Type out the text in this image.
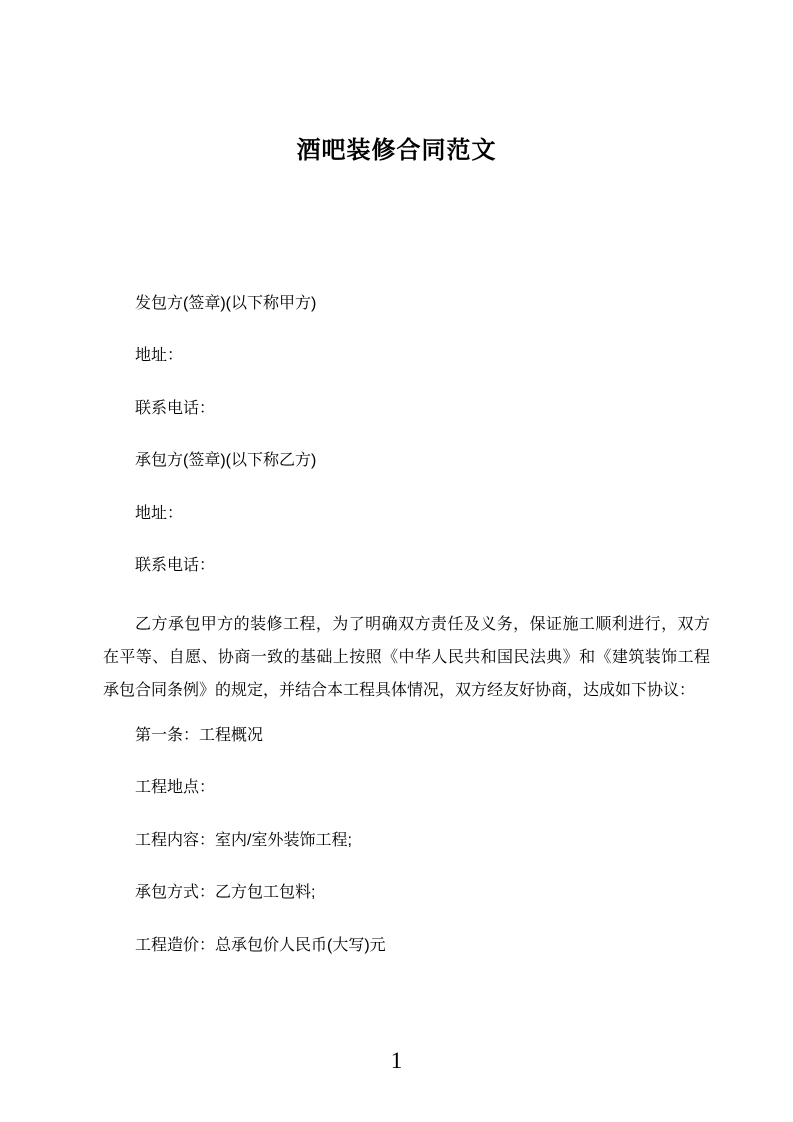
酒吧装修合同范文

发包方(签章)(以下称甲方)

地址：

联系电话：

承包方(签章)(以下称乙方)

地址：

联系电话：

乙方承包甲方的装修工程，为了明确双方责任及义务，保证施工顺利进行，双方在平等、自愿、协商一致的基础上按照《中华人民共和国民法典》和《建筑装饰工程承包合同条例》的规定，并结合本工程具体情况，双方经友好协商，达成如下协议：

第一条：工程概况

工程地点：

工程内容：室内/室外装饰工程;

承包方式：乙方包工包料;

工程造价：总承包价人民币(大写)元

1
